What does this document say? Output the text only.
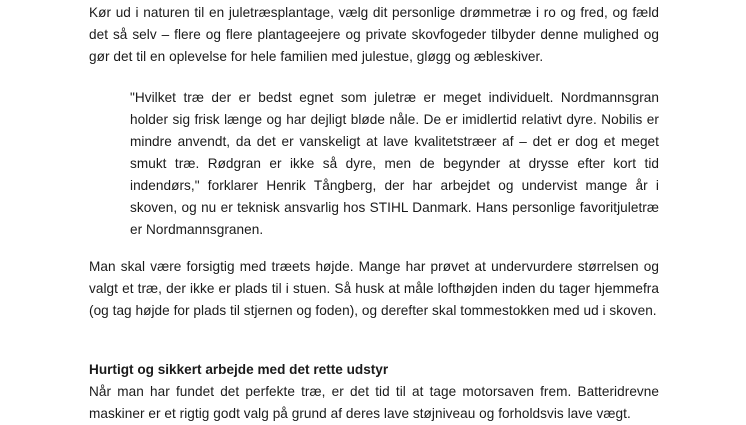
Kør ud i naturen til en juletræsplantage, vælg dit personlige drømmetræ i ro og fred, og fæld det så selv – flere og flere plantageejere og private skovfogeder tilbyder denne mulighed og gør det til en oplevelse for hele familien med julestue, gløgg og æbleskiver.

"Hvilket træ der er bedst egnet som juletræ er meget individuelt. Nordmannsgran holder sig frisk længe og har dejligt bløde nåle. De er imidlertid relativt dyre. Nobilis er mindre anvendt, da det er vanskeligt at lave kvalitetstræer af – det er dog et meget smukt træ. Rødgran er ikke så dyre, men de begynder at drysse efter kort tid indendørs," forklarer Henrik Tångberg, der har arbejdet og undervist mange år i skoven, og nu er teknisk ansvarlig hos STIHL Danmark. Hans personlige favoritjuletræ er Nordmannsgranen.

Man skal være forsigtig med træets højde. Mange har prøvet at undervurdere størrelsen og valgt et træ, der ikke er plads til i stuen. Så husk at måle lofthøjden inden du tager hjemmefra (og tag højde for plads til stjernen og foden), og derefter skal tommestokken med ud i skoven.

Hurtigt og sikkert arbejde med det rette udstyr

Når man har fundet det perfekte træ, er det tid til at tage motorsaven frem. Batteridrevne maskiner er et rigtig godt valg på grund af deres lave støjniveau og forholdsvis lave vægt.
